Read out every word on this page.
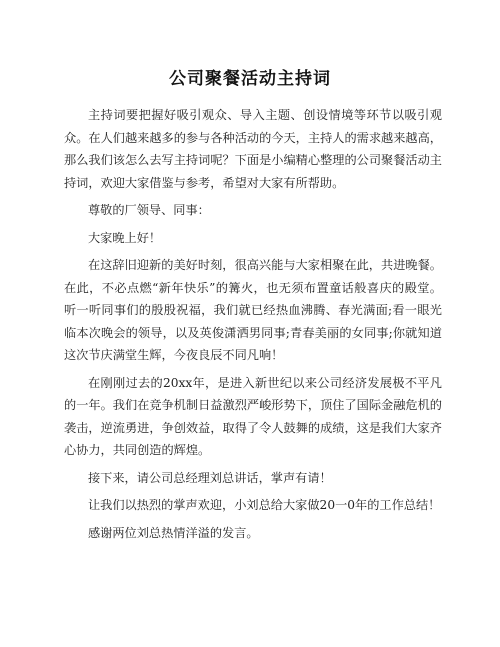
公司聚餐活动主持词

主持词要把握好吸引观众、导入主题、创设情境等环节以吸引观众。在人们越来越多的参与各种活动的今天，主持人的需求越来越高，那么我们该怎么去写主持词呢？下面是小编精心整理的公司聚餐活动主持词，欢迎大家借鉴与参考，希望对大家有所帮助。

尊敬的厂领导、同事：

大家晚上好！

在这辞旧迎新的美好时刻，很高兴能与大家相聚在此，共进晚餐。在此，不必点燃“新年快乐”的篝火，也无须布置童话般喜庆的殿堂。听一听同事们的殷殷祝福，我们就已经热血沸腾、春光满面;看一眼光临本次晚会的领导，以及英俊潇洒男同事;青春美丽的女同事;你就知道这次节庆满堂生辉，今夜良辰不同凡响！

在刚刚过去的20xx年，是进入新世纪以来公司经济发展极不平凡的一年。我们在竞争机制日益激烈严峻形势下，顶住了国际金融危机的袭击，逆流勇进，争创效益，取得了令人鼓舞的成绩，这是我们大家齐心协力，共同创造的辉煌。

接下来，请公司总经理刘总讲话，掌声有请！

让我们以热烈的掌声欢迎，小刘总给大家做20一0年的工作总结！

感谢两位刘总热情洋溢的发言。
